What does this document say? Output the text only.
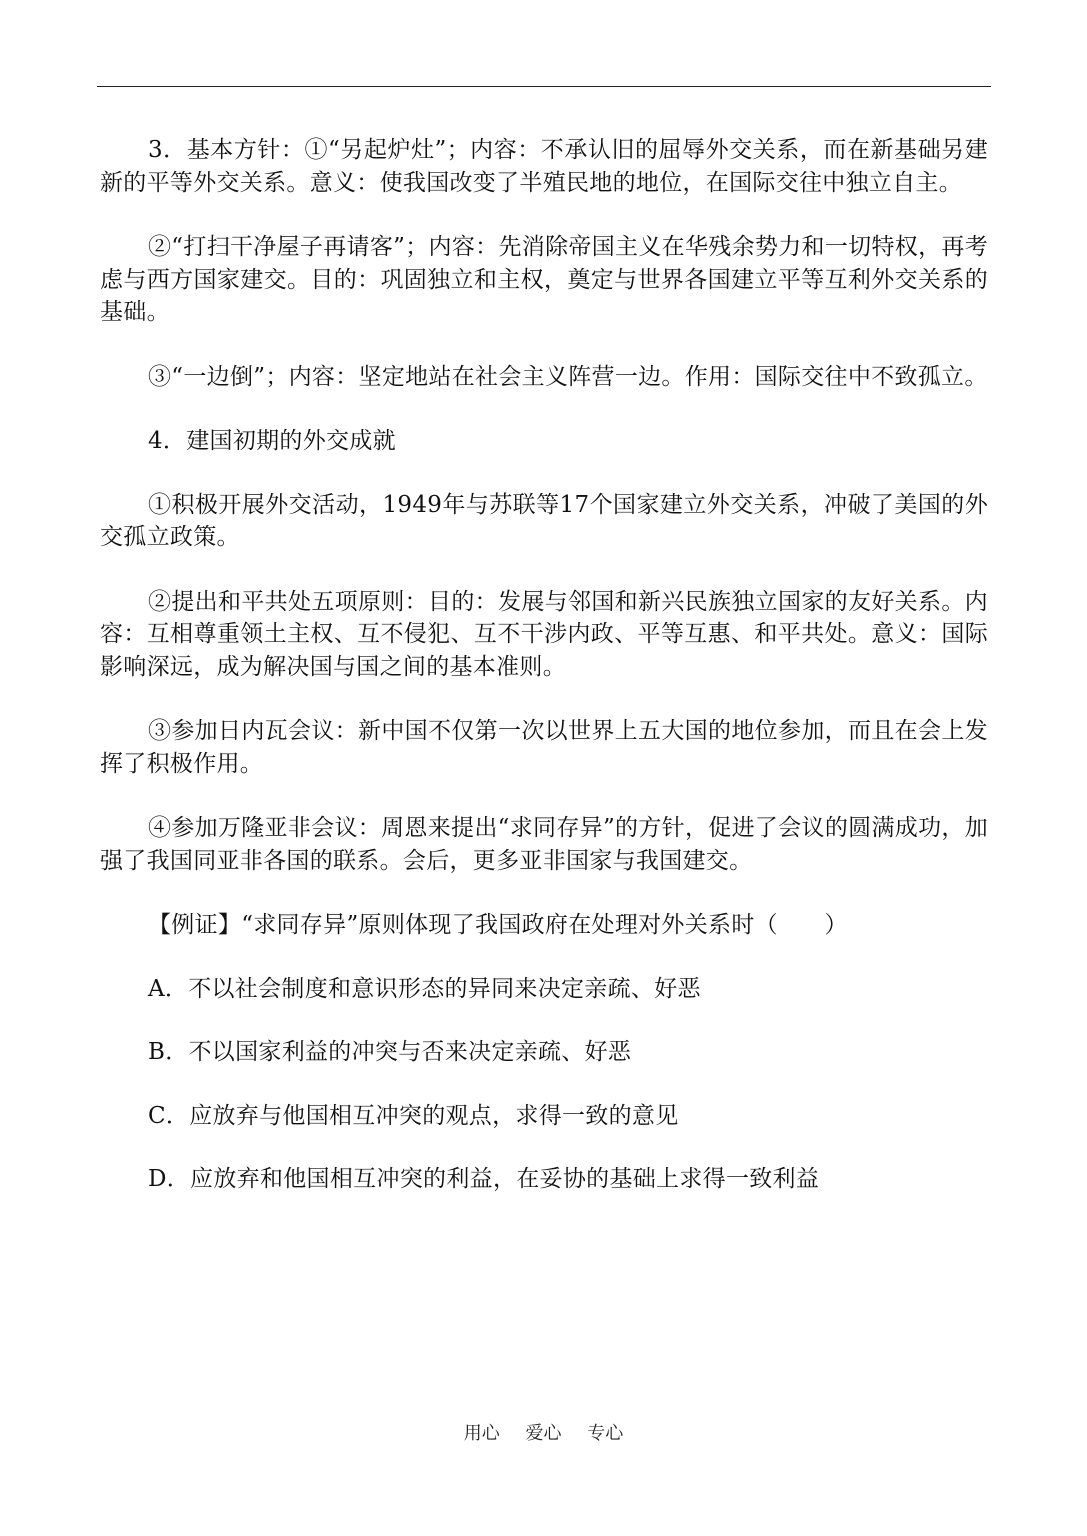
3．基本方针：①“另起炉灶”；内容：不承认旧的屈辱外交关系，而在新基础另建新的平等外交关系。意义：使我国改变了半殖民地的地位，在国际交往中独立自主。

②“打扫干净屋子再请客”；内容：先消除帝国主义在华残余势力和一切特权，再考虑与西方国家建交。目的：巩固独立和主权，奠定与世界各国建立平等互利外交关系的基础。

③“一边倒”；内容：坚定地站在社会主义阵营一边。作用：国际交往中不致孤立。

4．建国初期的外交成就

①积极开展外交活动，1949年与苏联等17个国家建立外交关系，冲破了美国的外交孤立政策。

②提出和平共处五项原则：目的：发展与邻国和新兴民族独立国家的友好关系。内容：互相尊重领土主权、互不侵犯、互不干涉内政、平等互惠、和平共处。意义：国际影响深远，成为解决国与国之间的基本准则。

③参加日内瓦会议：新中国不仅第一次以世界上五大国的地位参加，而且在会上发挥了积极作用。

④参加万隆亚非会议：周恩来提出“求同存异”的方针，促进了会议的圆满成功，加强了我国同亚非各国的联系。会后，更多亚非国家与我国建交。

【例证】“求同存异”原则体现了我国政府在处理对外关系时（　　）

A．不以社会制度和意识形态的异同来决定亲疏、好恶

B．不以国家利益的冲突与否来决定亲疏、好恶

C．应放弃与他国相互冲突的观点，求得一致的意见

D．应放弃和他国相互冲突的利益，在妥协的基础上求得一致利益

用心 爱心 专心
